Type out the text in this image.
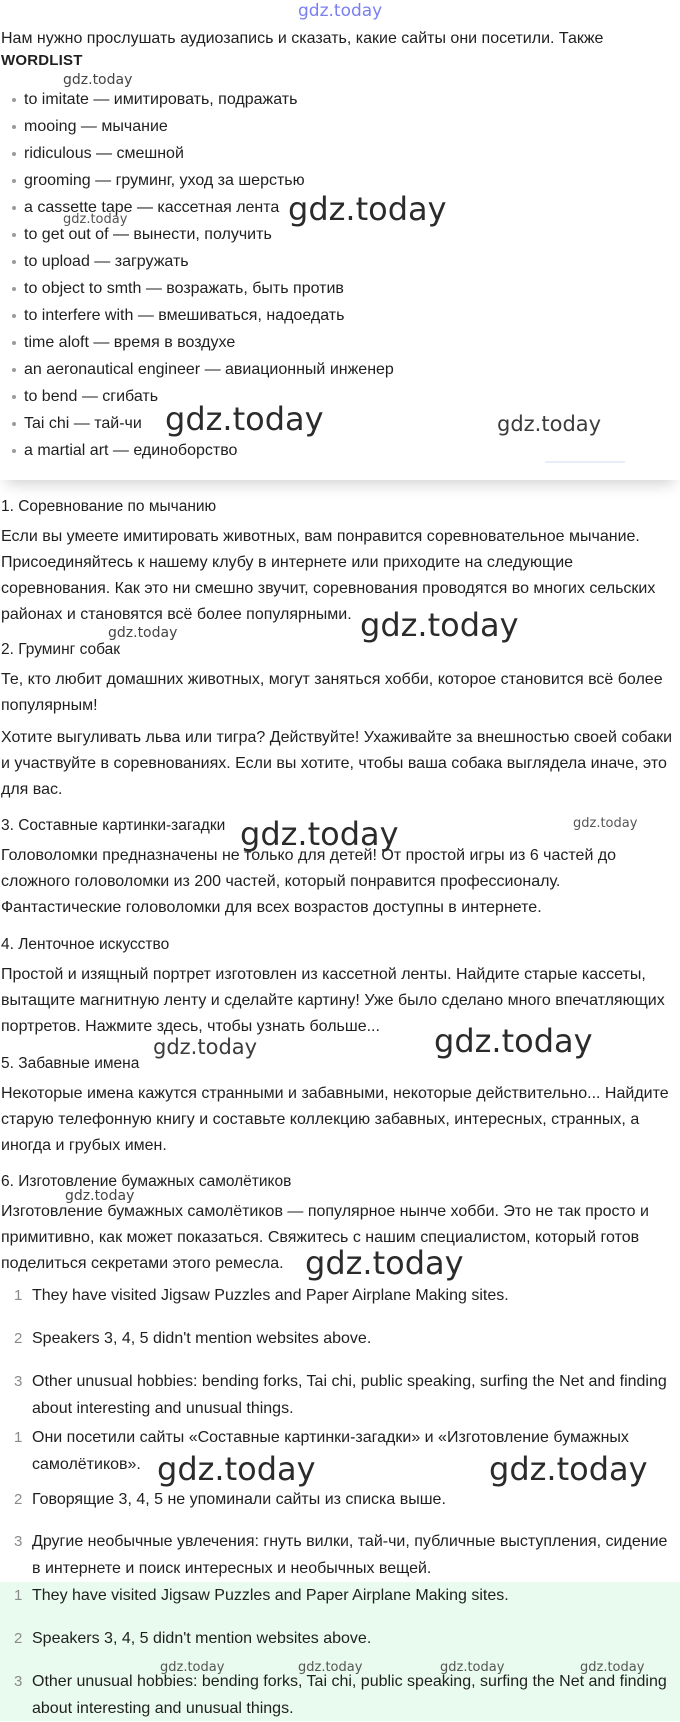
gdz.today
Нам нужно прослушать аудиозапись и сказать, какие сайты они посетили. Также
WORDLIST
to imitate — имитировать, подражать
mooing — мычание
ridiculous — смешной
grooming — груминг, уход за шерстью
a cassette tape — кассетная лента
to get out of — вынести, получить
to upload — загружать
to object to smth — возражать, быть против
to interfere with — вмешиваться, надоедать
time aloft — время в воздухе
an aeronautical engineer — авиационный инженер
to bend — сгибать
Tai chi — тай-чи
a martial art — единоборство
1. Соревнование по мычанию

Если вы умеете имитировать животных, вам понравится соревновательное мычание. Присоединяйтесь к нашему клубу в интернете или приходите на следующие соревнования. Как это ни смешно звучит, соревнования проводятся во многих сельских районах и становятся всё более популярными.

2. Груминг собак

Те, кто любит домашних животных, могут заняться хобби, которое становится всё более популярным!

Хотите выгуливать льва или тигра? Действуйте! Ухаживайте за внешностью своей собаки и участвуйте в соревнованиях. Если вы хотите, чтобы ваша собака выглядела иначе, это для вас.

3. Составные картинки-загадки

Головоломки предназначены не только для детей! От простой игры из 6 частей до сложного головоломки из 200 частей, который понравится профессионалу. Фантастические головоломки для всех возрастов доступны в интернете.

4. Ленточное искусство

Простой и изящный портрет изготовлен из кассетной ленты. Найдите старые кассеты, вытащите магнитную ленту и сделайте картину! Уже было сделано много впечатляющих портретов. Нажмите здесь, чтобы узнать больше...

5. Забавные имена

Некоторые имена кажутся странными и забавными, некоторые действительно... Найдите старую телефонную книгу и составьте коллекцию забавных, интересных, странных, а иногда и грубых имен.

6. Изготовление бумажных самолётиков

Изготовление бумажных самолётиков — популярное нынче хобби. Это не так просто и примитивно, как может показаться. Свяжитесь с нашим специалистом, который готов поделиться секретами этого ремесла.

1 They have visited Jigsaw Puzzles and Paper Airplane Making sites.
2 Speakers 3, 4, 5 didn't mention websites above.
3 Other unusual hobbies: bending forks, Tai chi, public speaking, surfing the Net and finding about interesting and unusual things.
1 Они посетили сайты «Составные картинки-загадки» и «Изготовление бумажных самолётиков».
2 Говорящие 3, 4, 5 не упоминали сайты из списка выше.
3 Другие необычные увлечения: гнуть вилки, тай-чи, публичные выступления, сидение в интернете и поиск интересных и необычных вещей.
1 They have visited Jigsaw Puzzles and Paper Airplane Making sites.
2 Speakers 3, 4, 5 didn't mention websites above.
3 Other unusual hobbies: bending forks, Tai chi, public speaking, surfing the Net and finding about interesting and unusual things.
gdz.today
gdz.today
gdz.today
gdz.today	gdz.today
gdz.today
gdz.today
gdz.today	gdz.today
gdz.today
gdz.today
gdz.today
gdz.today
gdz.today	gdz.today
gdz.today	gdz.today	gdz.today	gdz.today
